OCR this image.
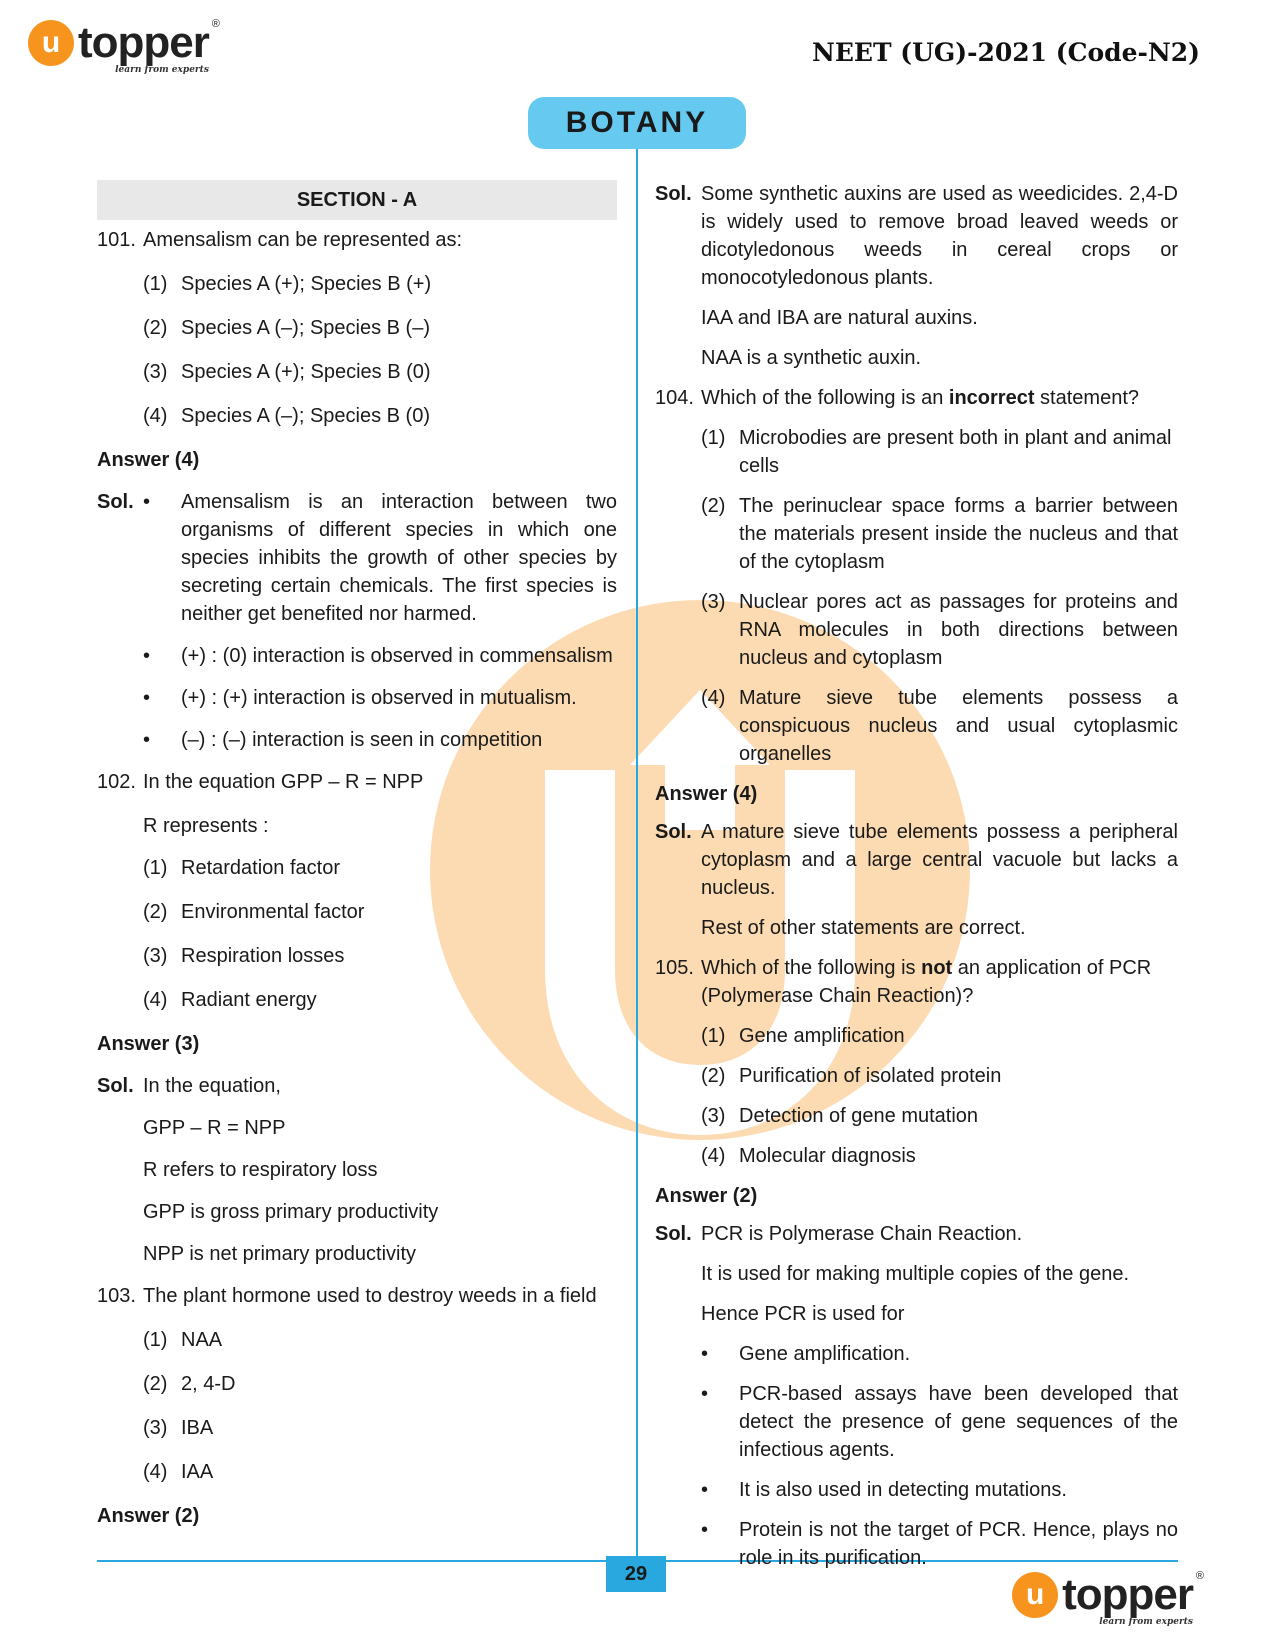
u topper ®
learn from experts
NEET (UG)-2021 (Code-N2)
BOTANY
29
u topper ®
learn from experts
SECTION - A
101. Amensalism can be represented as:
(1) Species A (+); Species B (+)
(2) Species A (–); Species B (–)
(3) Species A (+); Species B (0)
(4) Species A (–); Species B (0)
Answer (4)
Sol. •	Amensalism is an interaction between two organisms of different species in which one species inhibits the growth of other species by secreting certain chemicals. The first species is neither get benefited nor harmed.
•	(+) : (0) interaction is observed in commensalism
•	(+) : (+) interaction is observed in mutualism.
•	(–) : (–) interaction is seen in competition
102. In the equation GPP – R = NPP
R represents :
(1) Retardation factor
(2) Environmental factor
(3) Respiration losses
(4) Radiant energy
Answer (3)
Sol. In the equation,
GPP – R = NPP
R refers to respiratory loss
GPP is gross primary productivity
NPP is net primary productivity
103. The plant hormone used to destroy weeds in a field
(1) NAA
(2) 2, 4-D
(3) IBA
(4) IAA
Answer (2)
Sol. Some synthetic auxins are used as weedicides. 2,4-D is widely used to remove broad leaved weeds or dicotyledonous weeds in cereal crops or monocotyledonous plants.
IAA and IBA are natural auxins.
NAA is a synthetic auxin.
104. Which of the following is an incorrect statement?
(1) Microbodies are present both in plant and animal cells
(2) The perinuclear space forms a barrier between the materials present inside the nucleus and that of the cytoplasm
(3) Nuclear pores act as passages for proteins and RNA molecules in both directions between nucleus and cytoplasm
(4) Mature sieve tube elements possess a conspicuous nucleus and usual cytoplasmic organelles
Answer (4)
Sol. A mature sieve tube elements possess a peripheral cytoplasm and a large central vacuole but lacks a nucleus.
Rest of other statements are correct.
105. Which of the following is not an application of PCR (Polymerase Chain Reaction)?
(1) Gene amplification
(2) Purification of isolated protein
(3) Detection of gene mutation
(4) Molecular diagnosis
Answer (2)
Sol. PCR is Polymerase Chain Reaction.
It is used for making multiple copies of the gene.
Hence PCR is used for
•	Gene amplification.
•	PCR-based assays have been developed that detect the presence of gene sequences of the infectious agents.
•	It is also used in detecting mutations.
•	Protein is not the target of PCR. Hence, plays no role in its purification.
